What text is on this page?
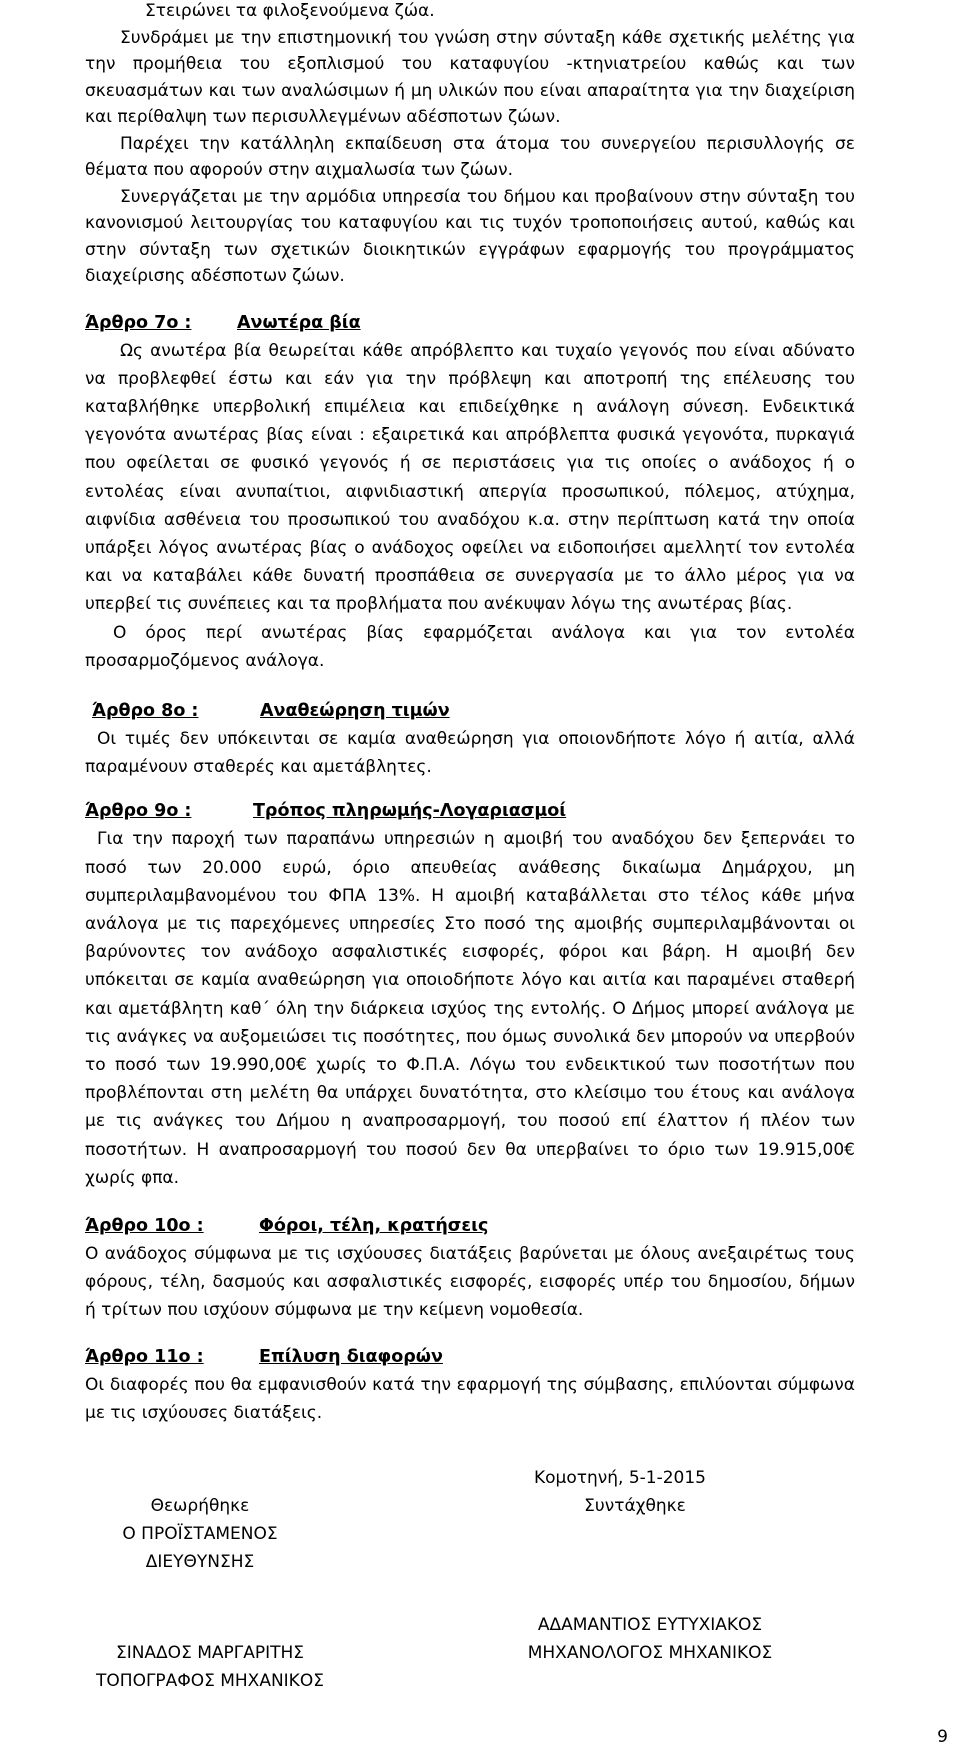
Στειρώνει τα φιλοξενούμενα ζώα.

Συνδράμει με την επιστημονική του γνώση στην σύνταξη κάθε σχετικής μελέτης για την προμήθεια του εξοπλισμού του καταφυγίου -κτηνιατρείου καθώς και των σκευασμάτων και των αναλώσιμων ή μη υλικών που είναι απαραίτητα για την διαχείριση και περίθαλψη των περισυλλεγμένων αδέσποτων ζώων.

Παρέχει την κατάλληλη εκπαίδευση στα άτομα του συνεργείου περισυλλογής σε θέματα που αφορούν στην αιχμαλωσία των ζώων.

Συνεργάζεται με την αρμόδια υπηρεσία του δήμου και προβαίνουν στην σύνταξη του κανονισμού λειτουργίας του καταφυγίου και τις τυχόν τροποποιήσεις αυτού, καθώς και στην σύνταξη των σχετικών διοικητικών εγγράφων εφαρμογής του προγράμματος διαχείρισης αδέσποτων ζώων.

Άρθρο 7ο :	Ανωτέρα βία

Ως ανωτέρα βία θεωρείται κάθε απρόβλεπτο και τυχαίο γεγονός που είναι αδύνατο να προβλεφθεί έστω και εάν για την πρόβλεψη και αποτροπή της επέλευσης του καταβλήθηκε υπερβολική επιμέλεια και επιδείχθηκε η ανάλογη σύνεση. Ενδεικτικά γεγονότα ανωτέρας βίας είναι : εξαιρετικά και απρόβλεπτα φυσικά γεγονότα, πυρκαγιά που οφείλεται σε φυσικό γεγονός ή σε περιστάσεις για τις οποίες ο ανάδοχος ή ο εντολέας είναι ανυπαίτιοι, αιφνιδιαστική απεργία προσωπικού, πόλεμος, ατύχημα, αιφνίδια ασθένεια του προσωπικού του αναδόχου κ.α. στην περίπτωση κατά την οποία υπάρξει λόγος ανωτέρας βίας ο ανάδοχος οφείλει να ειδοποιήσει αμελλητί τον εντολέα και να καταβάλει κάθε δυνατή προσπάθεια σε συνεργασία με το άλλο μέρος για να υπερβεί τις συνέπειες και τα προβλήματα που ανέκυψαν λόγω της ανωτέρας βίας.

Ο όρος περί ανωτέρας βίας εφαρμόζεται ανάλογα και για τον εντολέα προσαρμοζόμενος ανάλογα.

Άρθρο 8ο :	Αναθεώρηση τιμών

Οι τιμές δεν υπόκεινται σε καμία αναθεώρηση για οποιονδήποτε λόγο ή αιτία, αλλά παραμένουν σταθερές και αμετάβλητες.

Άρθρο 9ο :	Τρόπος πληρωμής-Λογαριασμοί

Για την παροχή των παραπάνω υπηρεσιών η αμοιβή του αναδόχου δεν ξεπερνάει το ποσό των 20.000 ευρώ, όριο απευθείας ανάθεσης δικαίωμα Δημάρχου, μη συμπεριλαμβανομένου του ΦΠΑ 13%. Η αμοιβή καταβάλλεται στο τέλος κάθε μήνα ανάλογα με τις παρεχόμενες υπηρεσίες Στο ποσό της αμοιβής συμπεριλαμβάνονται οι βαρύνοντες τον ανάδοχο ασφαλιστικές εισφορές, φόροι και βάρη. Η αμοιβή δεν υπόκειται σε καμία αναθεώρηση για οποιοδήποτε λόγο και αιτία και παραμένει σταθερή και αμετάβλητη καθ΄ όλη την διάρκεια ισχύος της εντολής. Ο Δήμος μπορεί ανάλογα με τις ανάγκες να αυξομειώσει τις ποσότητες, που όμως συνολικά δεν μπορούν να υπερβούν το ποσό των 19.990,00€ χωρίς το Φ.Π.Α. Λόγω του ενδεικτικού των ποσοτήτων που προβλέπονται στη μελέτη θα υπάρχει δυνατότητα, στο κλείσιμο του έτους και ανάλογα με τις ανάγκες του Δήμου η αναπροσαρμογή, του ποσού επί έλαττον ή πλέον των ποσοτήτων. Η αναπροσαρμογή του ποσού δεν θα υπερβαίνει το όριο των 19.915,00€ χωρίς φπα.

Άρθρο 10ο :	Φόροι, τέλη, κρατήσεις

Ο ανάδοχος σύμφωνα με τις ισχύουσες διατάξεις βαρύνεται με όλους ανεξαιρέτως τους φόρους, τέλη, δασμούς και ασφαλιστικές εισφορές, εισφορές υπέρ του δημοσίου, δήμων ή τρίτων που ισχύουν σύμφωνα με την κείμενη νομοθεσία.

Άρθρο 11ο :	Επίλυση διαφορών

Οι διαφορές που θα εμφανισθούν κατά την εφαρμογή της σύμβασης, επιλύονται σύμφωνα με τις ισχύουσες διατάξεις.

Κομοτηνή, 5-1-2015
Συντάχθηκε
Θεωρήθηκε
Ο ΠΡΟΪΣΤΑΜΕΝΟΣ
ΔΙΕΥΘΥΝΣΗΣ
ΑΔΑΜΑΝΤΙΟΣ ΕΥΤΥΧΙΑΚΟΣ
ΜΗΧΑΝΟΛΟΓΟΣ ΜΗΧΑΝΙΚΟΣ
ΣΙΝΑΔΟΣ ΜΑΡΓΑΡΙΤΗΣ
ΤΟΠΟΓΡΑΦΟΣ ΜΗΧΑΝΙΚΟΣ
9
